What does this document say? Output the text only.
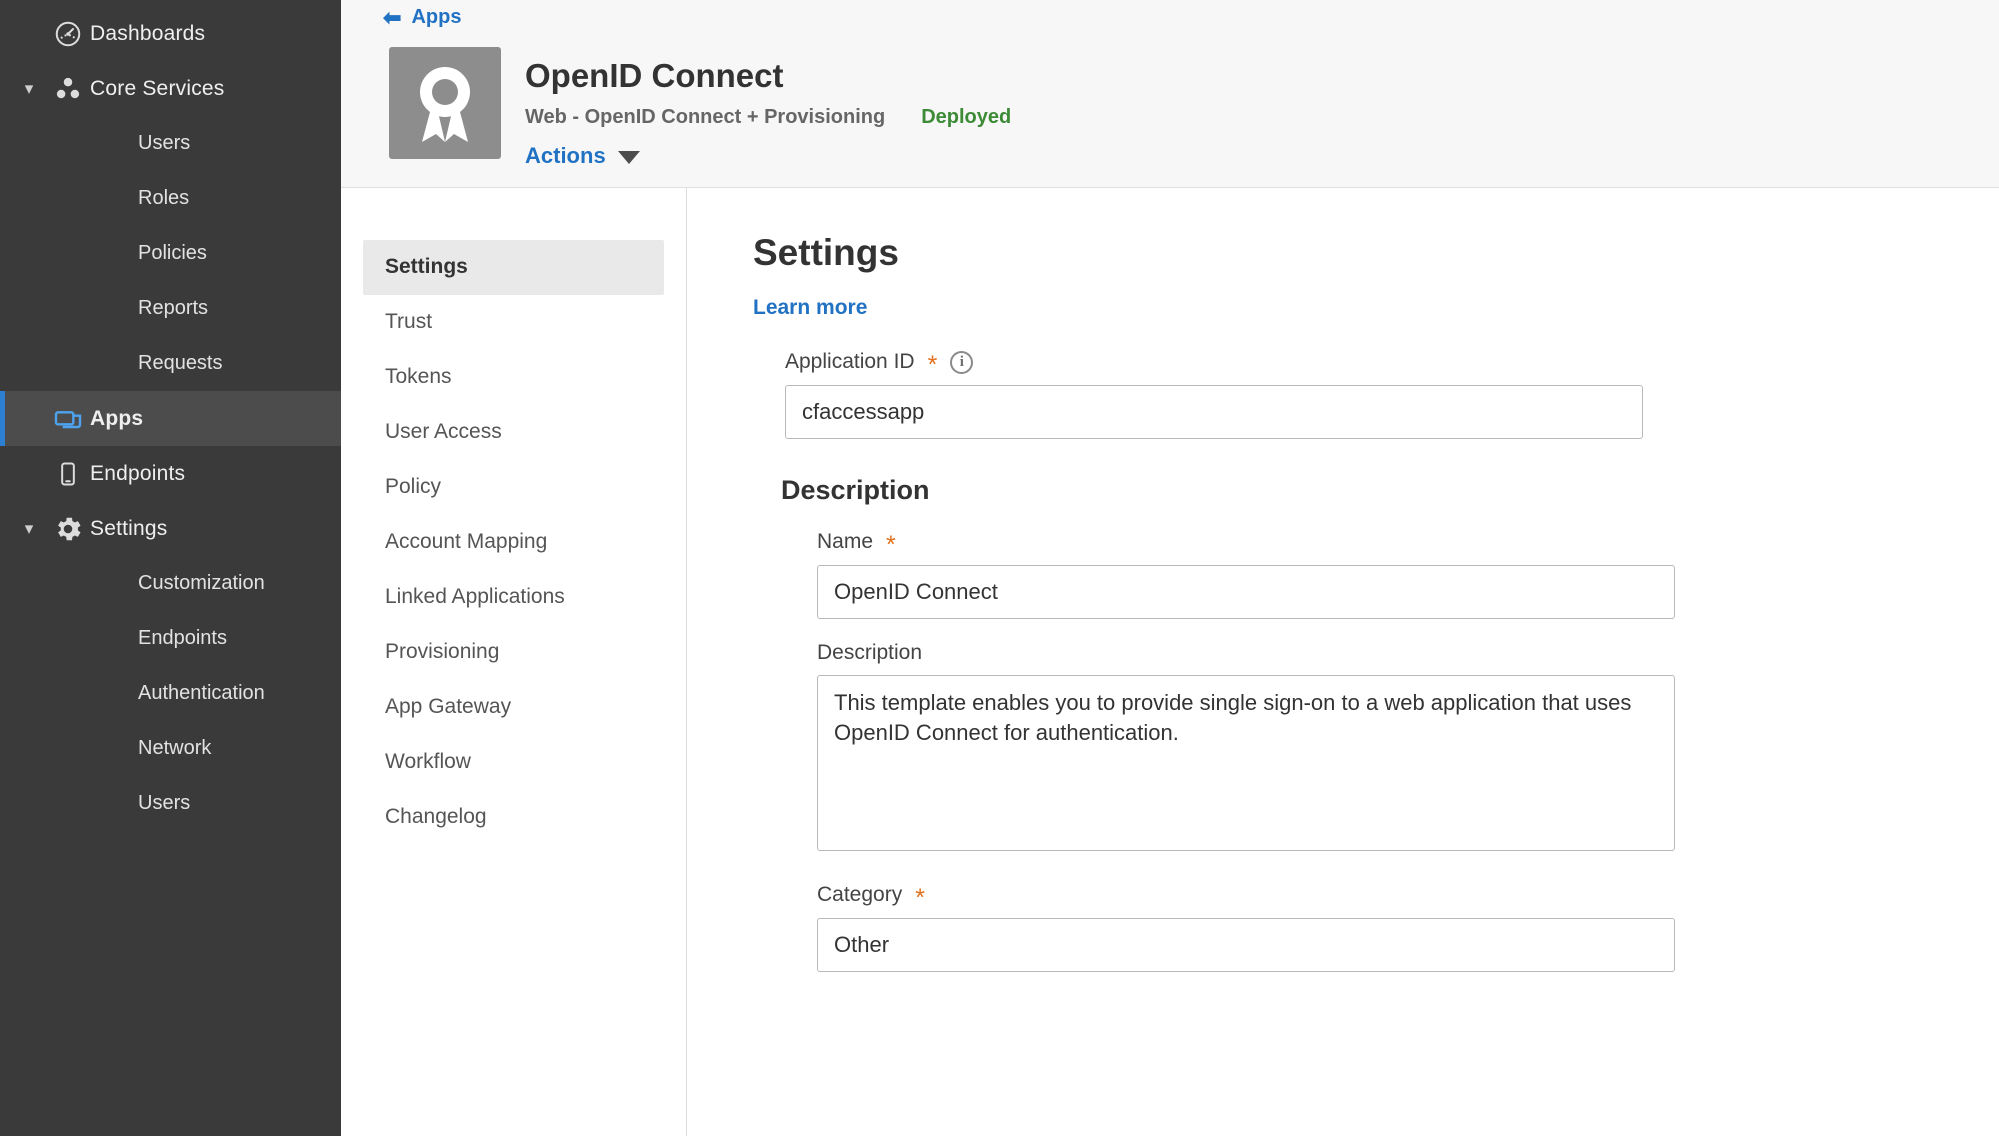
Dashboards
▾	Core Services
Users
Roles
Policies
Reports
Requests
Apps
Endpoints
▾	Settings
Customization
Endpoints
Authentication
Network
Users
⬅ Apps
OpenID Connect
Web - OpenID Connect + Provisioning Deployed
Actions
Settings
Trust
Tokens
User Access
Policy
Account Mapping
Linked Applications
Provisioning
App Gateway
Workflow
Changelog
Settings
Learn more
Application ID *	i
cfaccessapp
Description
Name *
OpenID Connect
Description
This template enables you to provide single sign-on to a web application that uses OpenID Connect for authentication.
Category *
Other
